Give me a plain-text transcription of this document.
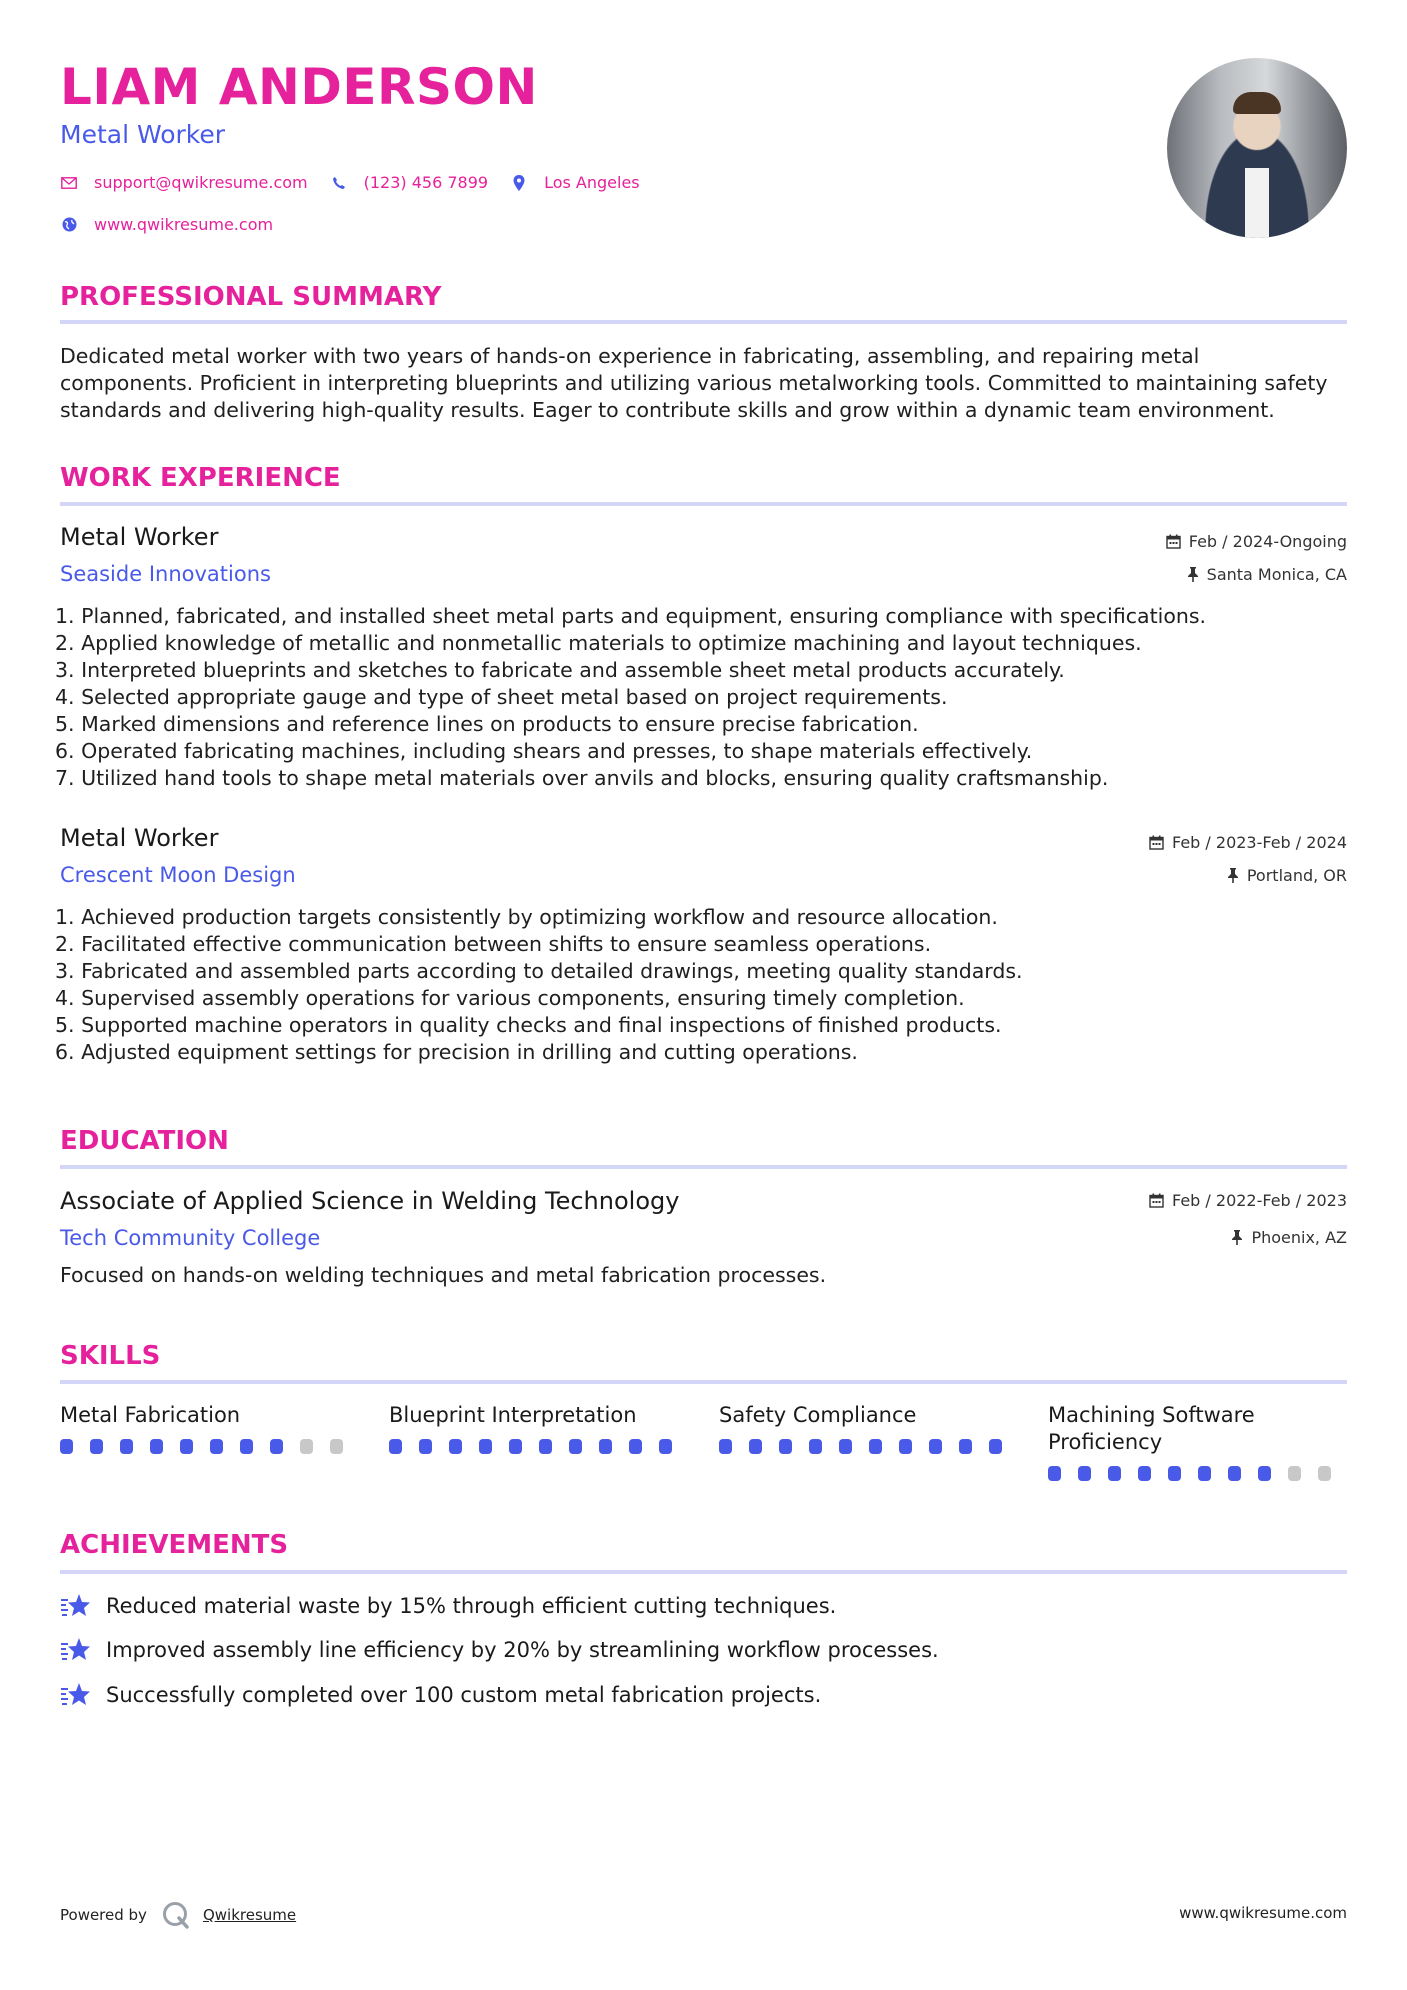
LIAM ANDERSON
Metal Worker
support@qwikresume.com	(123) 456 7899	Los Angeles
www.qwikresume.com
PROFESSIONAL SUMMARY
Dedicated metal worker with two years of hands-on experience in fabricating, assembling, and repairing metal
components. Proficient in interpreting blueprints and utilizing various metalworking tools. Committed to maintaining safety
standards and delivering high-quality results. Eager to contribute skills and grow within a dynamic team environment.
WORK EXPERIENCE
Metal Worker
Seaside Innovations
Feb / 2024-Ongoing
Santa Monica, CA
1. Planned, fabricated, and installed sheet metal parts and equipment, ensuring compliance with specifications.
2. Applied knowledge of metallic and nonmetallic materials to optimize machining and layout techniques.
3. Interpreted blueprints and sketches to fabricate and assemble sheet metal products accurately.
4. Selected appropriate gauge and type of sheet metal based on project requirements.
5. Marked dimensions and reference lines on products to ensure precise fabrication.
6. Operated fabricating machines, including shears and presses, to shape materials effectively.
7. Utilized hand tools to shape metal materials over anvils and blocks, ensuring quality craftsmanship.
Metal Worker
Crescent Moon Design
Feb / 2023-Feb / 2024
Portland, OR
1. Achieved production targets consistently by optimizing workflow and resource allocation.
2. Facilitated effective communication between shifts to ensure seamless operations.
3. Fabricated and assembled parts according to detailed drawings, meeting quality standards.
4. Supervised assembly operations for various components, ensuring timely completion.
5. Supported machine operators in quality checks and final inspections of finished products.
6. Adjusted equipment settings for precision in drilling and cutting operations.
EDUCATION
Associate of Applied Science in Welding Technology
Tech Community College
Feb / 2022-Feb / 2023
Phoenix, AZ
Focused on hands-on welding techniques and metal fabrication processes.
SKILLS
Metal Fabrication	Blueprint Interpretation	Safety Compliance	Machining Software
Proficiency
ACHIEVEMENTS
Reduced material waste by 15% through efficient cutting techniques.
Improved assembly line efficiency by 20% by streamlining workflow processes.
Successfully completed over 100 custom metal fabrication projects.
Powered by	Qwikresume	www.qwikresume.com
